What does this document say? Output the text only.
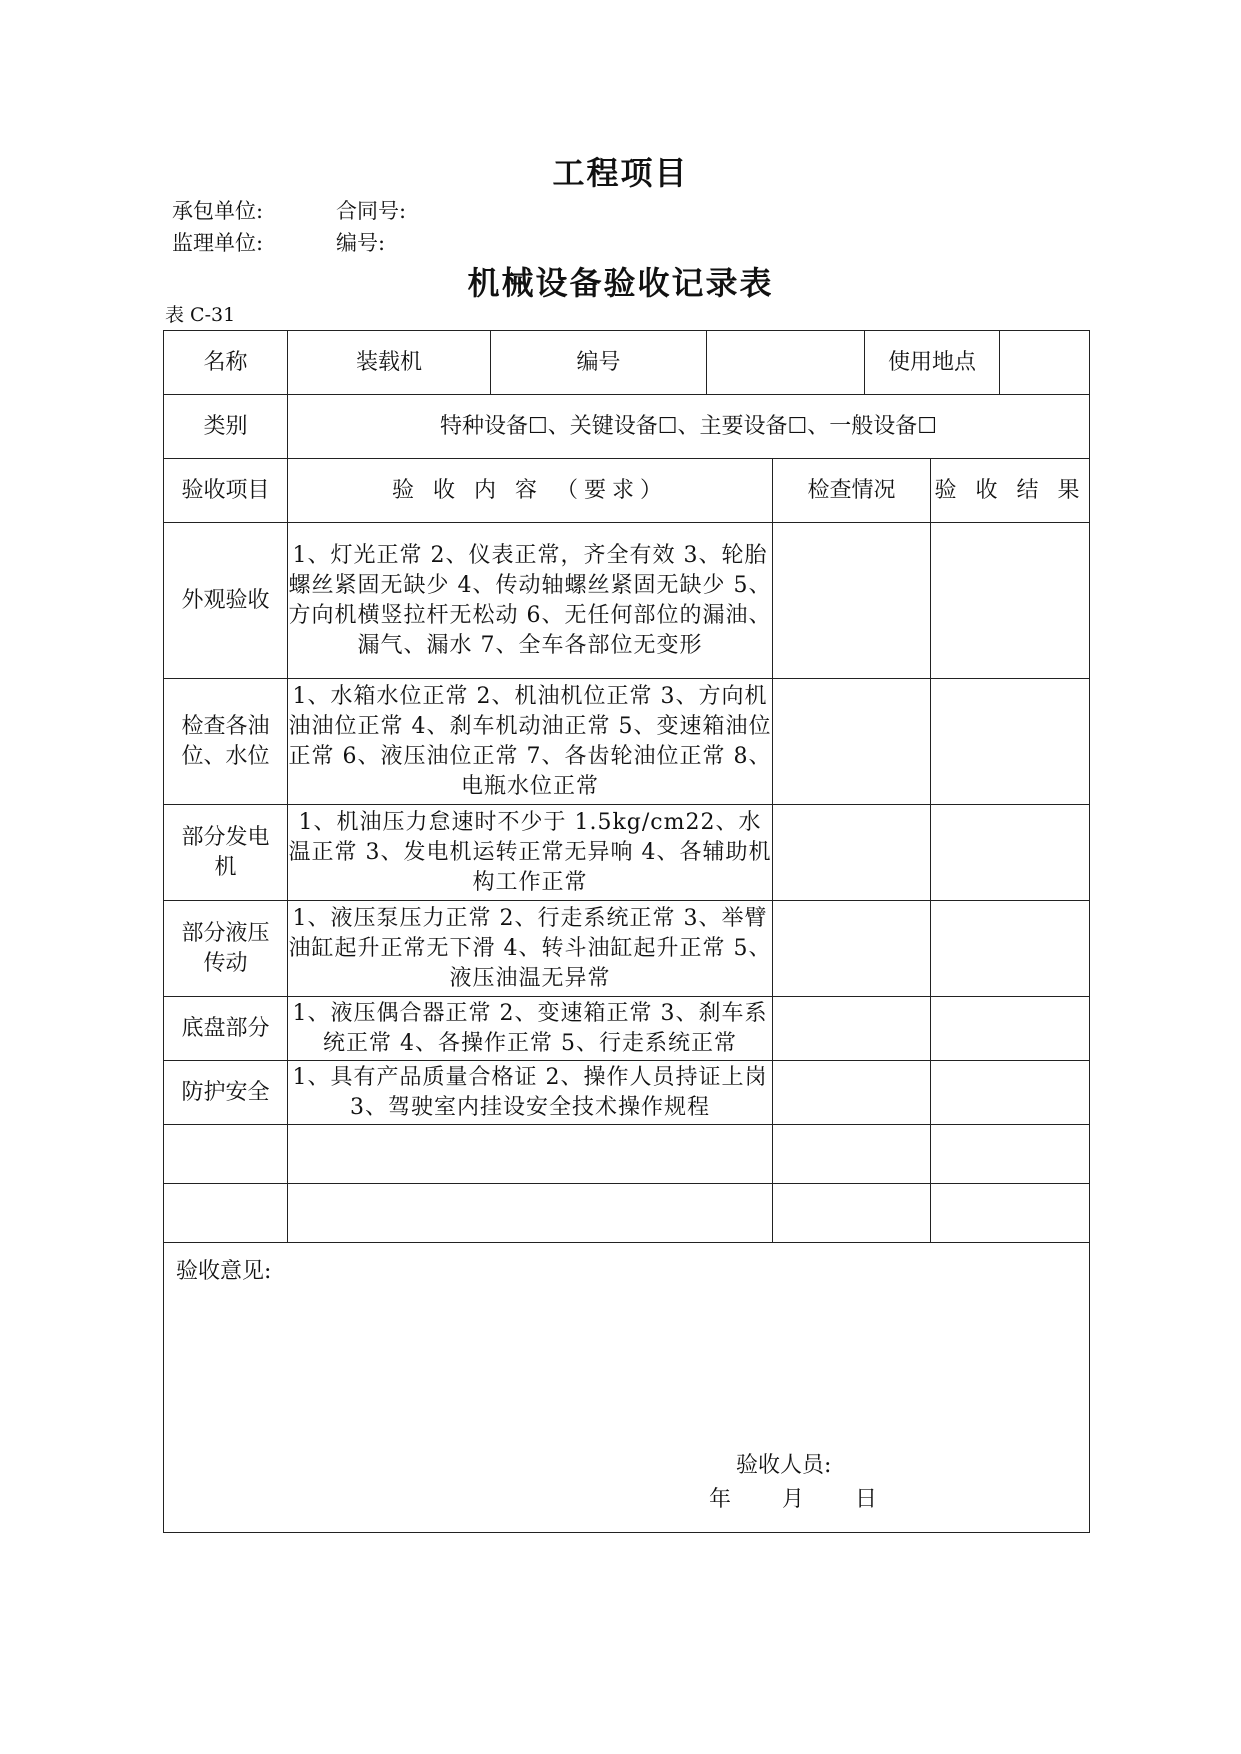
工程项目
承包单位:	合同号:
监理单位:	编号:
机械设备验收记录表
表 C-31
名称	装载机	编号			使用地点	

类别	特种设备☐、关键设备☐、主要设备☐、一般设备☐					
验收项目	验 收 内 容 （要求）			检查情况		验 收 结 果
外观验收	1、灯光正常 2、仪表正常，齐全有效 3、轮胎螺丝紧固无缺少 4、传动轴螺丝紧固无缺少 5、方向机横竖拉杆无松动 6、无任何部位的漏油、漏气、漏水 7、全车各部位无变形					
检查各油位、水位	1、水箱水位正常 2、机油机位正常 3、方向机油油位正常 4、刹车机动油正常 5、变速箱油位正常 6、液压油位正常 7、各齿轮油位正常 8、电瓶水位正常					
部分发电机	1、机油压力怠速时不少于 1.5kg/cm22、水温正常 3、发电机运转正常无异响 4、各辅助机构工作正常					
部分液压传动	1、液压泵压力正常 2、行走系统正常 3、举臂油缸起升正常无下滑 4、转斗油缸起升正常 5、液压油温无异常					
底盘部分	1、液压偶合器正常 2、变速箱正常 3、刹车系统正常 4、各操作正常 5、行走系统正常					
防护安全	1、具有产品质量合格证 2、操作人员持证上岗 3、驾驶室内挂设安全技术操作规程					

验收意见:
验收人员:
年 月 日						
